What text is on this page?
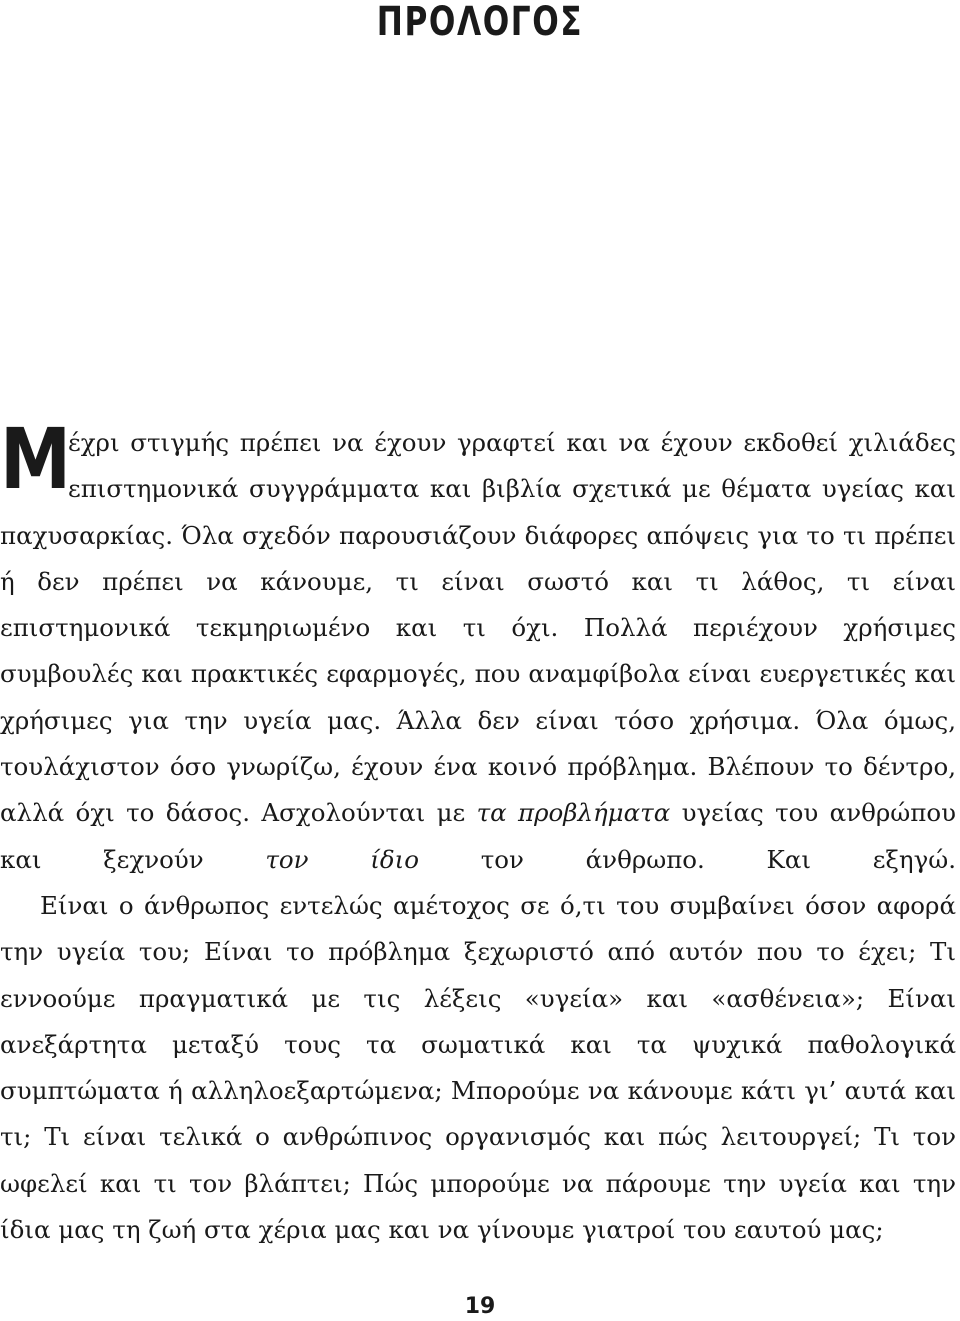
ΠΡΟΛΟΓΟΣ

Μ
έχρι στιγμής πρέπει να έχουν γραφτεί και να έχουν εκδοθεί χιλιάδες επιστημονικά συγγράμματα και βιβλία σχετικά με θέματα υγείας και παχυσαρκίας. Όλα σχεδόν παρουσιάζουν διάφορες απόψεις για το τι πρέπει ή δεν πρέπει να κάνουμε, τι είναι σωστό και τι λάθος, τι είναι επιστημονικά τεκμηριωμένο και τι όχι. Πολλά περιέχουν χρήσιμες συμβουλές και πρακτικές εφαρμογές, που αναμφίβολα είναι ευεργετικές και χρήσιμες για την υγεία μας. Άλλα δεν είναι τόσο χρήσιμα. Όλα όμως, τουλάχιστον όσο γνωρίζω, έχουν ένα κοινό πρόβλημα. Βλέπουν το δέντρο, αλλά όχι το δάσος. Ασχολούνται με τα προβλήματα υγείας του ανθρώπου και ξεχνούν τον ίδιο τον άνθρωπο. Και εξηγώ.

Είναι ο άνθρωπος εντελώς αμέτοχος σε ό,τι του συμβαίνει όσον αφορά την υγεία του; Είναι το πρόβλημα ξεχωριστό από αυτόν που το έχει; Τι εννοούμε πραγματικά με τις λέξεις «υγεία» και «ασθένεια»; Είναι ανεξάρτητα μεταξύ τους τα σωματικά και τα ψυχικά παθολογικά συμπτώματα ή αλληλοεξαρτώμενα; Μπορούμε να κάνουμε κάτι γι’ αυτά και τι; Τι είναι τελικά ο ανθρώπινος οργανισμός και πώς λειτουργεί; Τι τον ωφελεί και τι τον βλάπτει; Πώς μπορούμε να πάρουμε την υγεία και την ίδια μας τη ζωή στα χέρια μας και να γίνουμε γιατροί του εαυτού μας;

19
